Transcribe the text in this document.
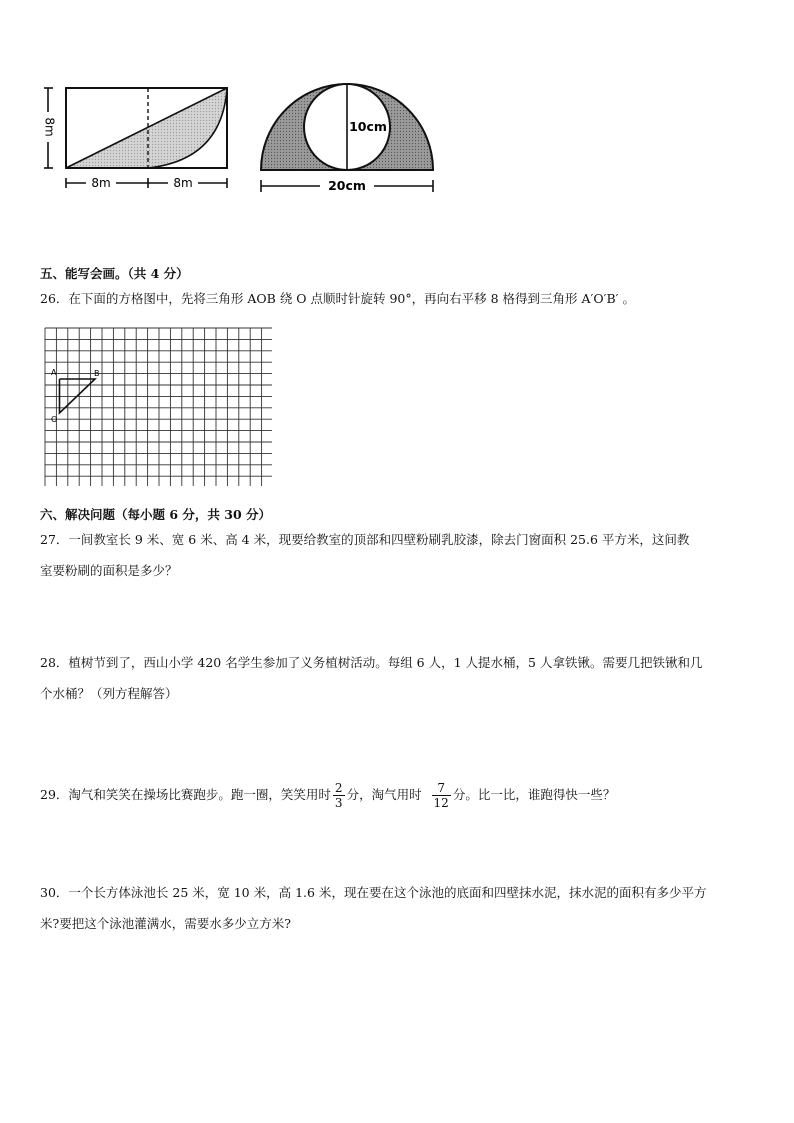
8m
8m	8m
10cm
20cm
五、能写会画。（共 4 分）
26．在下面的方格图中，先将三角形 AOB 绕 O 点顺时针旋转 90°，再向右平移 8 格得到三角形 A′O′B′ 。
A	B
O
六、解决问题（每小题 6 分，共 30 分）
27．一间教室长 9 米、宽 6 米、高 4 米，现要给教室的顶部和四壁粉刷乳胶漆，除去门窗面积 25.6 平方米，这间教
室要粉刷的面积是多少？
28．植树节到了，西山小学 420 名学生参加了义务植树活动。每组 6 人，1 人提水桶，5 人拿铁锹。需要几把铁锹和几
个水桶？（列方程解答）
29．淘气和笑笑在操场比赛跑步。跑一圈，笑笑用时 $\frac{2}{3}$ 分，淘气用时 $\frac{7}{12}$ 分。比一比，谁跑得快一些？
30．一个长方体泳池长 25 米，宽 10 米，高 1.6 米，现在要在这个泳池的底面和四壁抹水泥，抹水泥的面积有多少平方
米?要把这个泳池灌满水，需要水多少立方米?
